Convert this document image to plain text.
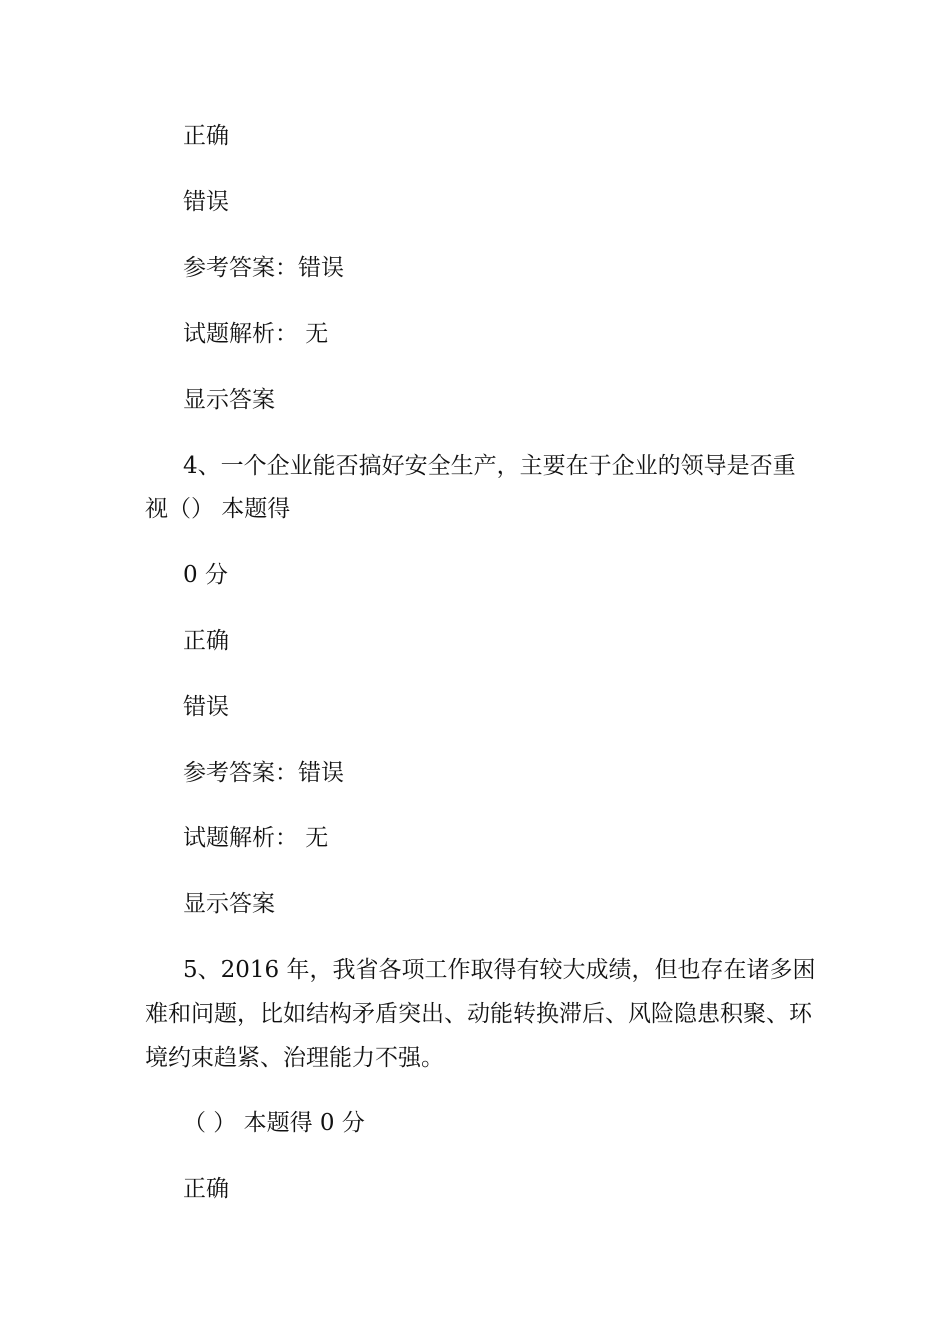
正确
错误
参考答案：错误
试题解析： 无
显示答案
4、一个企业能否搞好安全生产，主要在于企业的领导是否重
视（） 本题得
0 分
正确
错误
参考答案：错误
试题解析： 无
显示答案
5、2016 年，我省各项工作取得有较大成绩，但也存在诸多困
难和问题，比如结构矛盾突出、动能转换滞后、风险隐患积聚、环
境约束趋紧、治理能力不强。
（ ） 本题得 0 分
正确
